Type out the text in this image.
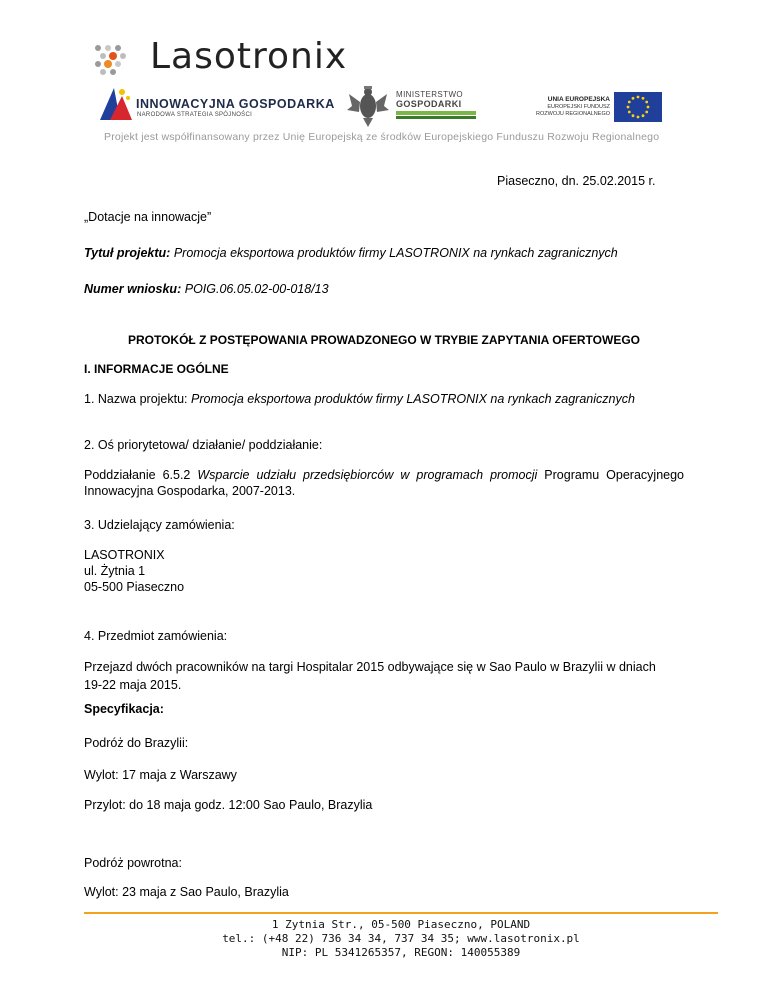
Lasotronix
INNOWACYJNA GOSPODARKA
NARODOWA STRATEGIA SPÓJNOŚCI
MINISTERSTWO
GOSPODARKI	UNIA EUROPEJSKA
EUROPEJSKI FUNDUSZ
ROZWOJU REGIONALNEGO
Projekt jest współfinansowany przez Unię Europejską ze środków Europejskiego Funduszu Rozwoju Regionalnego
Piaseczno, dn. 25.02.2015 r.
„Dotacje na innowacje”
Tytuł projektu: Promocja eksportowa produktów firmy LASOTRONIX na rynkach zagranicznych
Numer wniosku: POIG.06.05.02-00-018/13
PROTOKÓŁ Z POSTĘPOWANIA PROWADZONEGO W TRYBIE ZAPYTANIA OFERTOWEGO
I. INFORMACJE OGÓLNE
1. Nazwa projektu: Promocja eksportowa produktów firmy LASOTRONIX na rynkach zagranicznych
2. Oś priorytetowa/ działanie/ poddziałanie:
Poddziałanie 6.5.2 Wsparcie udziału przedsiębiorców w programach promocji Programu Operacyjnego Innowacyjna Gospodarka, 2007-2013.
3. Udzielający zamówienia:
LASOTRONIX
ul. Żytnia 1
05-500 Piaseczno
4. Przedmiot zamówienia:
Przejazd dwóch pracowników na targi Hospitalar 2015 odbywające się w Sao Paulo w Brazylii w dniach 19-22 maja 2015.
Specyfikacja:
Podróż do Brazylii:
Wylot: 17 maja z Warszawy
Przylot: do 18 maja godz. 12:00 Sao Paulo, Brazylia
Podróż powrotna:
Wylot: 23 maja z Sao Paulo, Brazylia
1 Zytnia Str., 05-500 Piaseczno, POLAND
tel.: (+48 22) 736 34 34, 737 34 35; www.lasotronix.pl
NIP: PL 5341265357, REGON: 140055389
